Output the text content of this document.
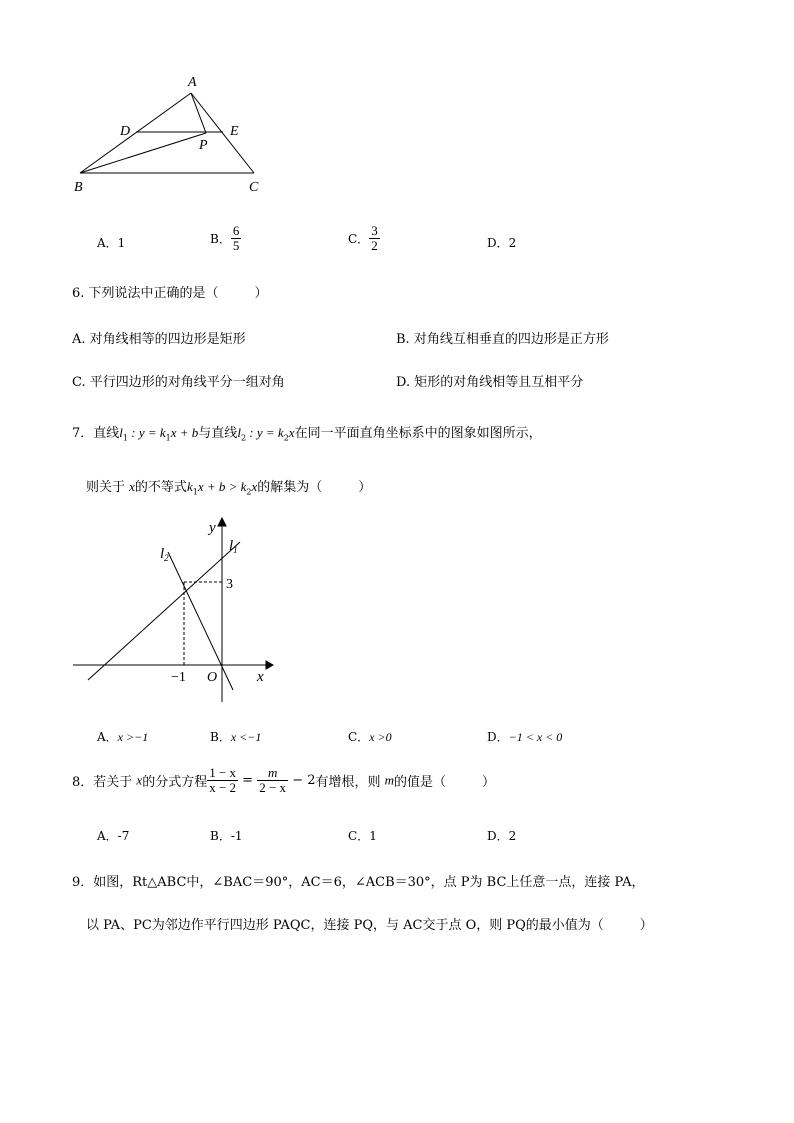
A
D	E
P
B	C
A．1	B． $\frac{6}{5}$	C． $\frac{3}{2}$	D．2
6. 下列说法中正确的是（	）
A. 对角线相等的四边形是矩形	B. 对角线互相垂直的四边形是正方形
C. 平行四边形的对角线平分一组对角	D. 矩形的对角线相等且互相平分
7．直线$l_1$ : $y = k_1x + b$与直线$l_2$ : $y = k_2x$在同一平面直角坐标系中的图象如图所示，
则关于 x的不等式$k_1x + b > k_2x$的解集为（	）
y
x
O
3
−1
$l_1$
$l_2$
A．x >−1	B．x <−1	C．x >0	D．−1 < x < 0
8．若关于 x的分式方程 $\frac{1 - x}{x - 2} = \frac{m}{2 - x} - 2$有增根，则 m的值是（	）
A．-7	B．-1	C．1	D．2
9．如图，Rt△ABC中，∠BAC＝90°，AC＝6，∠ACB＝30°，点 P为 BC上任意一点，连接 PA，
以 PA、PC为邻边作平行四边形 PAQC，连接 PQ，与 AC交于点 O，则 PQ的最小值为（	）
